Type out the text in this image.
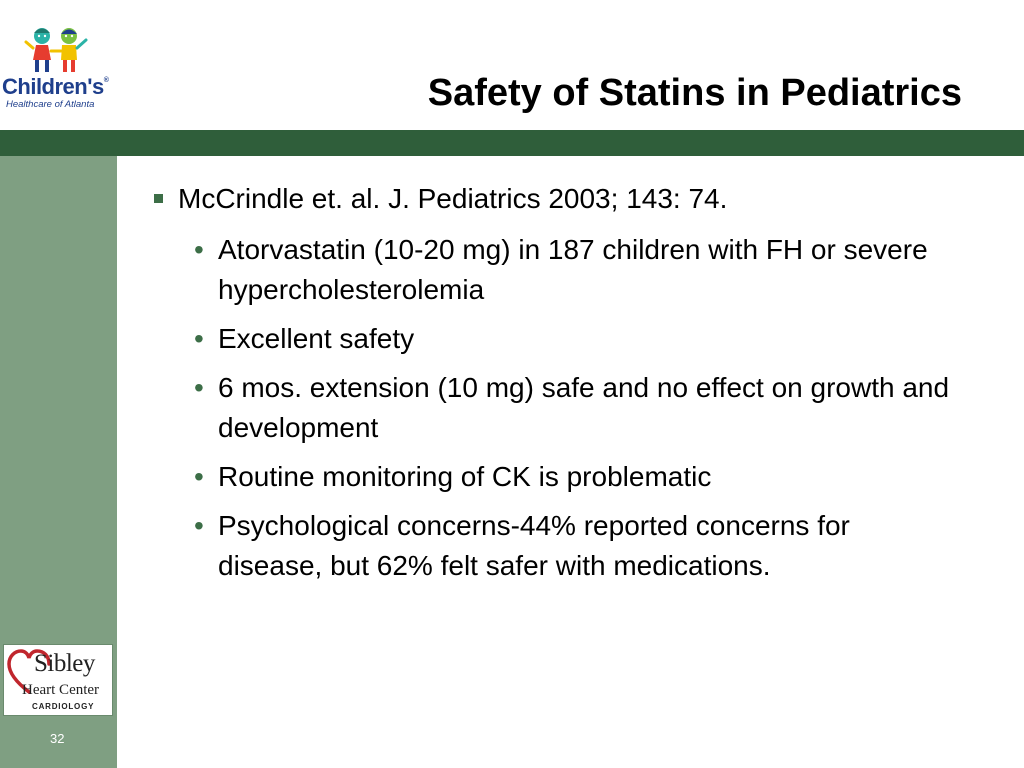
Children's®
Healthcare of Atlanta	Safety of Statins in Pediatrics
Sibley
Heart Center
CARDIOLOGY
32
McCrindle et. al. J. Pediatrics 2003; 143: 74.
• Atorvastatin (10-20 mg) in 187 children with FH or severe hypercholesterolemia
• Excellent safety
• 6 mos. extension (10 mg) safe and no effect on growth and development
• Routine monitoring of CK is problematic
• Psychological concerns-44% reported concerns for disease, but 62% felt safer with medications.
